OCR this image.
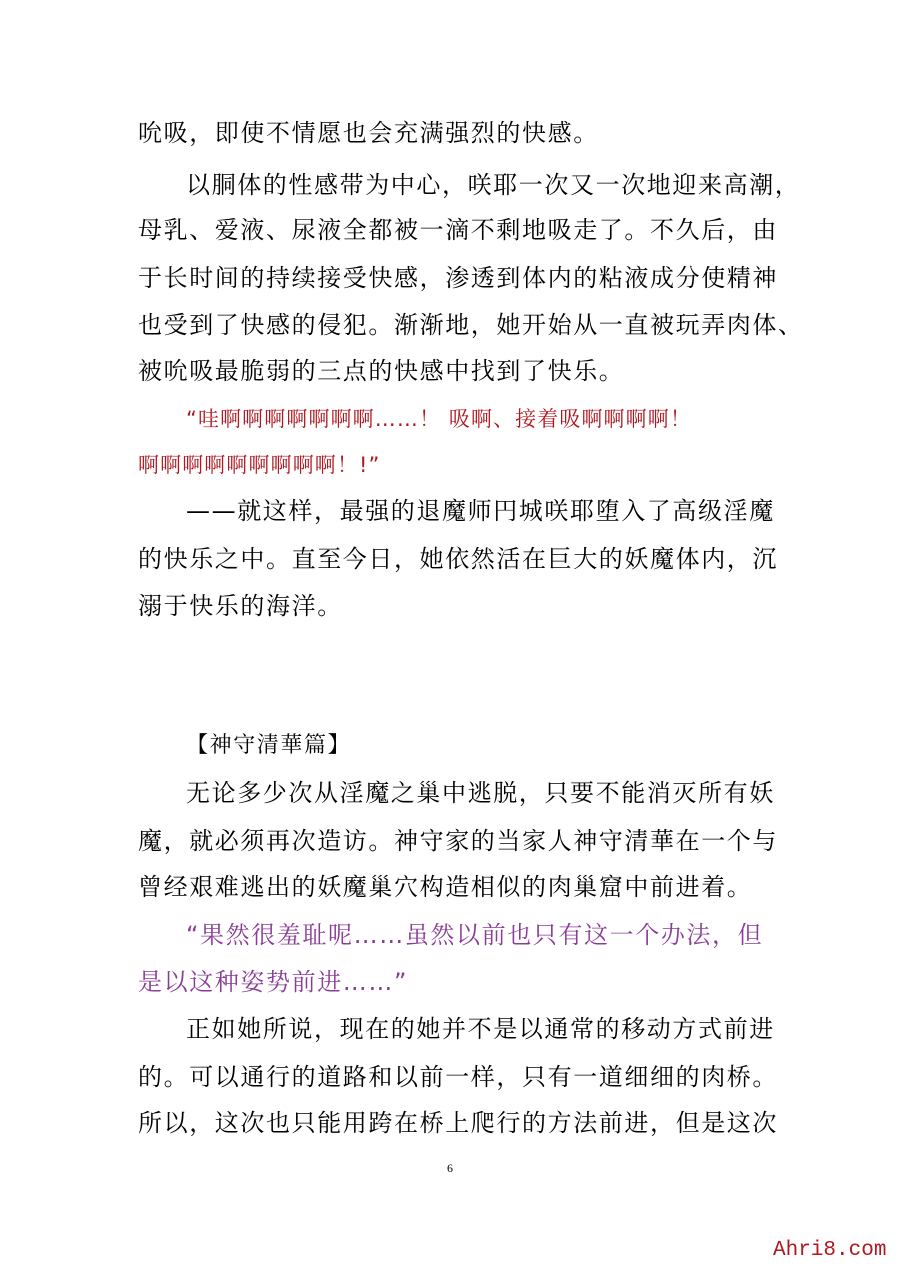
吮吸，即使不情愿也会充满强烈的快感。
以胴体的性感带为中心，咲耶一次又一次地迎来高潮，
母乳、爱液、尿液全都被一滴不剩地吸走了。不久后，由
于长时间的持续接受快感，渗透到体内的粘液成分使精神
也受到了快感的侵犯。渐渐地，她开始从一直被玩弄肉体、
被吮吸最脆弱的三点的快感中找到了快乐。
“哇啊啊啊啊啊啊啊……！ 吸啊、接着吸啊啊啊啊！
啊啊啊啊啊啊啊啊啊！!”
——就这样，最强的退魔师円城咲耶堕入了高级淫魔
的快乐之中。直至今日，她依然活在巨大的妖魔体内，沉
溺于快乐的海洋。
【神守清華篇】
无论多少次从淫魔之巢中逃脱，只要不能消灭所有妖
魔，就必须再次造访。神守家的当家人神守清華在一个与
曾经艰难逃出的妖魔巢穴构造相似的肉巢窟中前进着。
“果然很羞耻呢……虽然以前也只有这一个办法，但
是以这种姿势前进……”
正如她所说，现在的她并不是以通常的移动方式前进
的。可以通行的道路和以前一样，只有一道细细的肉桥。
所以，这次也只能用跨在桥上爬行的方法前进，但是这次
6
Ahri8.com
